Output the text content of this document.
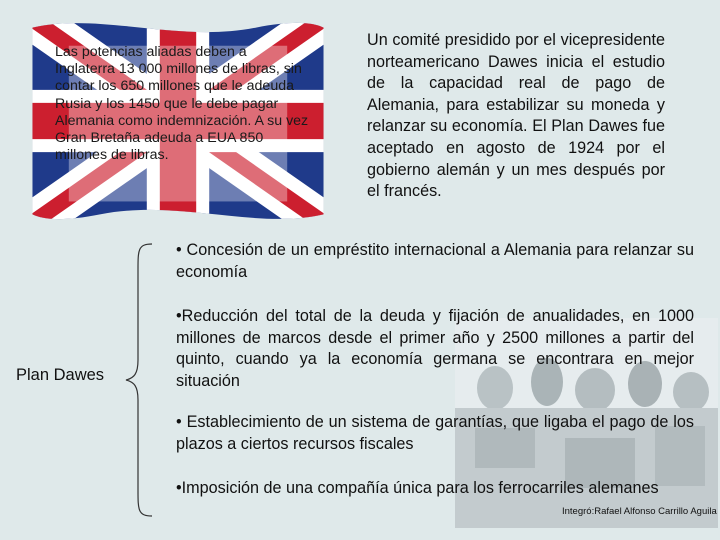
Las potencias aliadas deben a Inglaterra 13 000 millones de libras, sin contar los 650 millones que le adeuda Rusia y los 1450 que le debe pagar Alemania como indemnización. A su vez Gran Bretaña adeuda a EUA 850 millones de libras.
Un comité presidido por el vicepresidente norteamericano Dawes inicia el estudio de la capacidad real de pago de Alemania, para estabilizar su moneda y relanzar su economía. El Plan Dawes fue aceptado en agosto de 1924 por el gobierno alemán y un mes después por el francés.
Plan Dawes
• Concesión de un empréstito internacional a Alemania para relanzar su economía
•Reducción del total de la deuda y fijación de anualidades, en 1000 millones de marcos desde el primer año y 2500 millones a partir del quinto, cuando ya la economía germana se encontrara en mejor situación
• Establecimiento de un sistema de garantías, que ligaba el pago de los plazos a ciertos recursos fiscales
•Imposición de una compañía única para los ferrocarriles alemanes
Integró:Rafael Alfonso Carrillo Aguila
